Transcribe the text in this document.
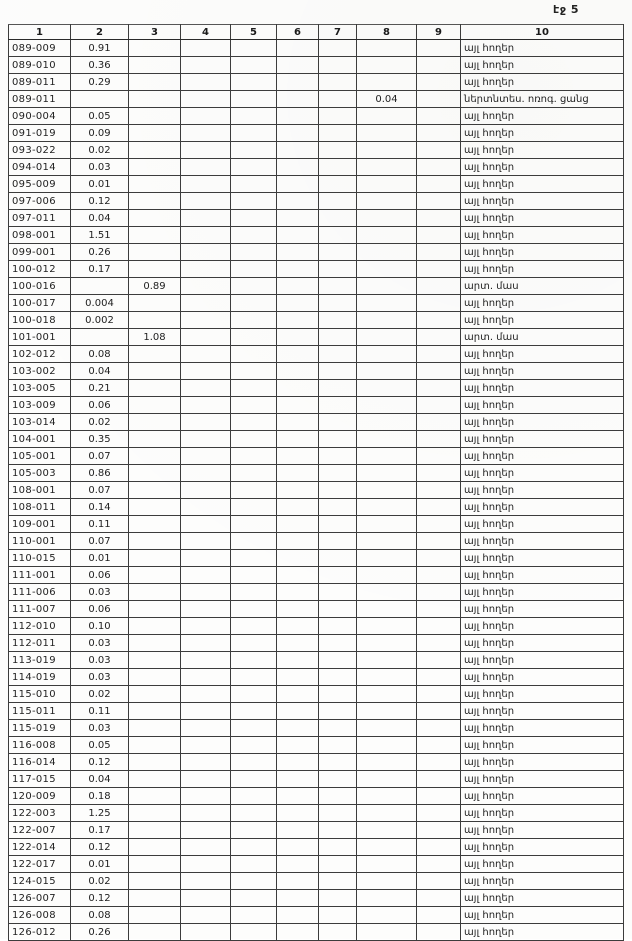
էջ 5
1	2	3	4	5	6	7	8	9	10
089-009	0.91								այլ հողեր
089-010	0.36								այլ հողեր
089-011	0.29								այլ հողեր
089-011							0.04		ներտնտես. ոռոգ. ցանց
090-004	0.05								այլ հողեր
091-019	0.09								այլ հողեր
093-022	0.02								այլ հողեր
094-014	0.03								այլ հողեր
095-009	0.01								այլ հողեր
097-006	0.12								այլ հողեր
097-011	0.04								այլ հողեր
098-001	1.51								այլ հողեր
099-001	0.26								այլ հողեր
100-012	0.17								այլ հողեր
100-016		0.89							արտ. մաս
100-017	0.004								այլ հողեր
100-018	0.002								այլ հողեր
101-001		1.08							արտ. մաս
102-012	0.08								այլ հողեր
103-002	0.04								այլ հողեր
103-005	0.21								այլ հողեր
103-009	0.06								այլ հողեր
103-014	0.02								այլ հողեր
104-001	0.35								այլ հողեր
105-001	0.07								այլ հողեր
105-003	0.86								այլ հողեր
108-001	0.07								այլ հողեր
108-011	0.14								այլ հողեր
109-001	0.11								այլ հողեր
110-001	0.07								այլ հողեր
110-015	0.01								այլ հողեր
111-001	0.06								այլ հողեր
111-006	0.03								այլ հողեր
111-007	0.06								այլ հողեր
112-010	0.10								այլ հողեր
112-011	0.03								այլ հողեր
113-019	0.03								այլ հողեր
114-019	0.03								այլ հողեր
115-010	0.02								այլ հողեր
115-011	0.11								այլ հողեր
115-019	0.03								այլ հողեր
116-008	0.05								այլ հողեր
116-014	0.12								այլ հողեր
117-015	0.04								այլ հողեր
120-009	0.18								այլ հողեր
122-003	1.25								այլ հողեր
122-007	0.17								այլ հողեր
122-014	0.12								այլ հողեր
122-017	0.01								այլ հողեր
124-015	0.02								այլ հողեր
126-007	0.12								այլ հողեր
126-008	0.08								այլ հողեր
126-012	0.26								այլ հողեր
